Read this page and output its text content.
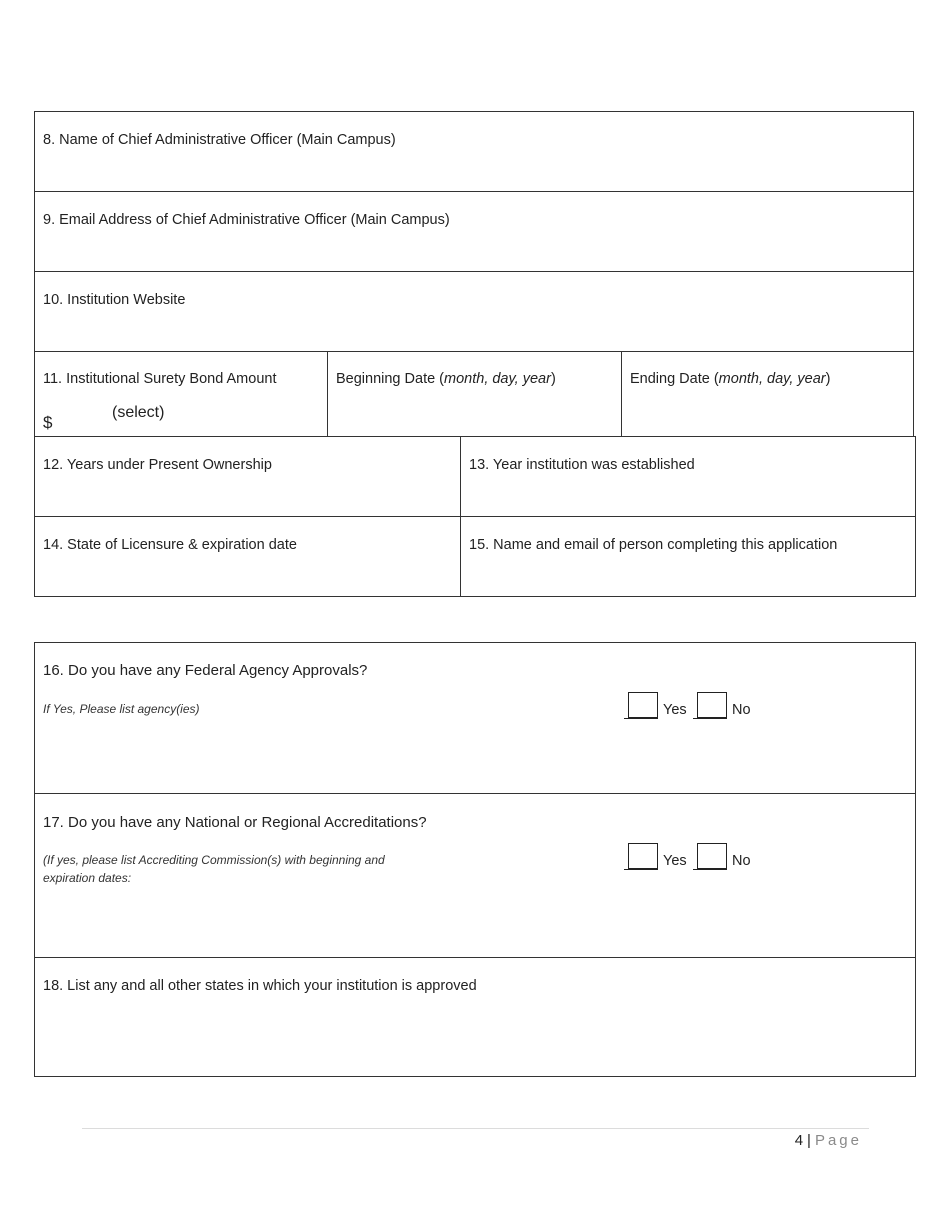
8. Name of Chief Administrative Officer (Main Campus)
9. Email Address of Chief Administrative Officer (Main Campus)
10. Institution Website
11. Institutional Surety Bond Amount
$
(select)
Beginning Date (month, day, year)	Ending Date (month, day, year)
12. Years under Present Ownership	13. Year institution was established
14. State of Licensure & expiration date	15. Name and email of person completing this application
16. Do you have any Federal Agency Approvals?
If Yes, Please list agency(ies)	Yes	No
17. Do you have any National or Regional Accreditations?
(If yes, please list Accrediting Commission(s) with beginning and expiration dates:
Yes	No
18. List any and all other states in which your institution is approved
4 | Page
